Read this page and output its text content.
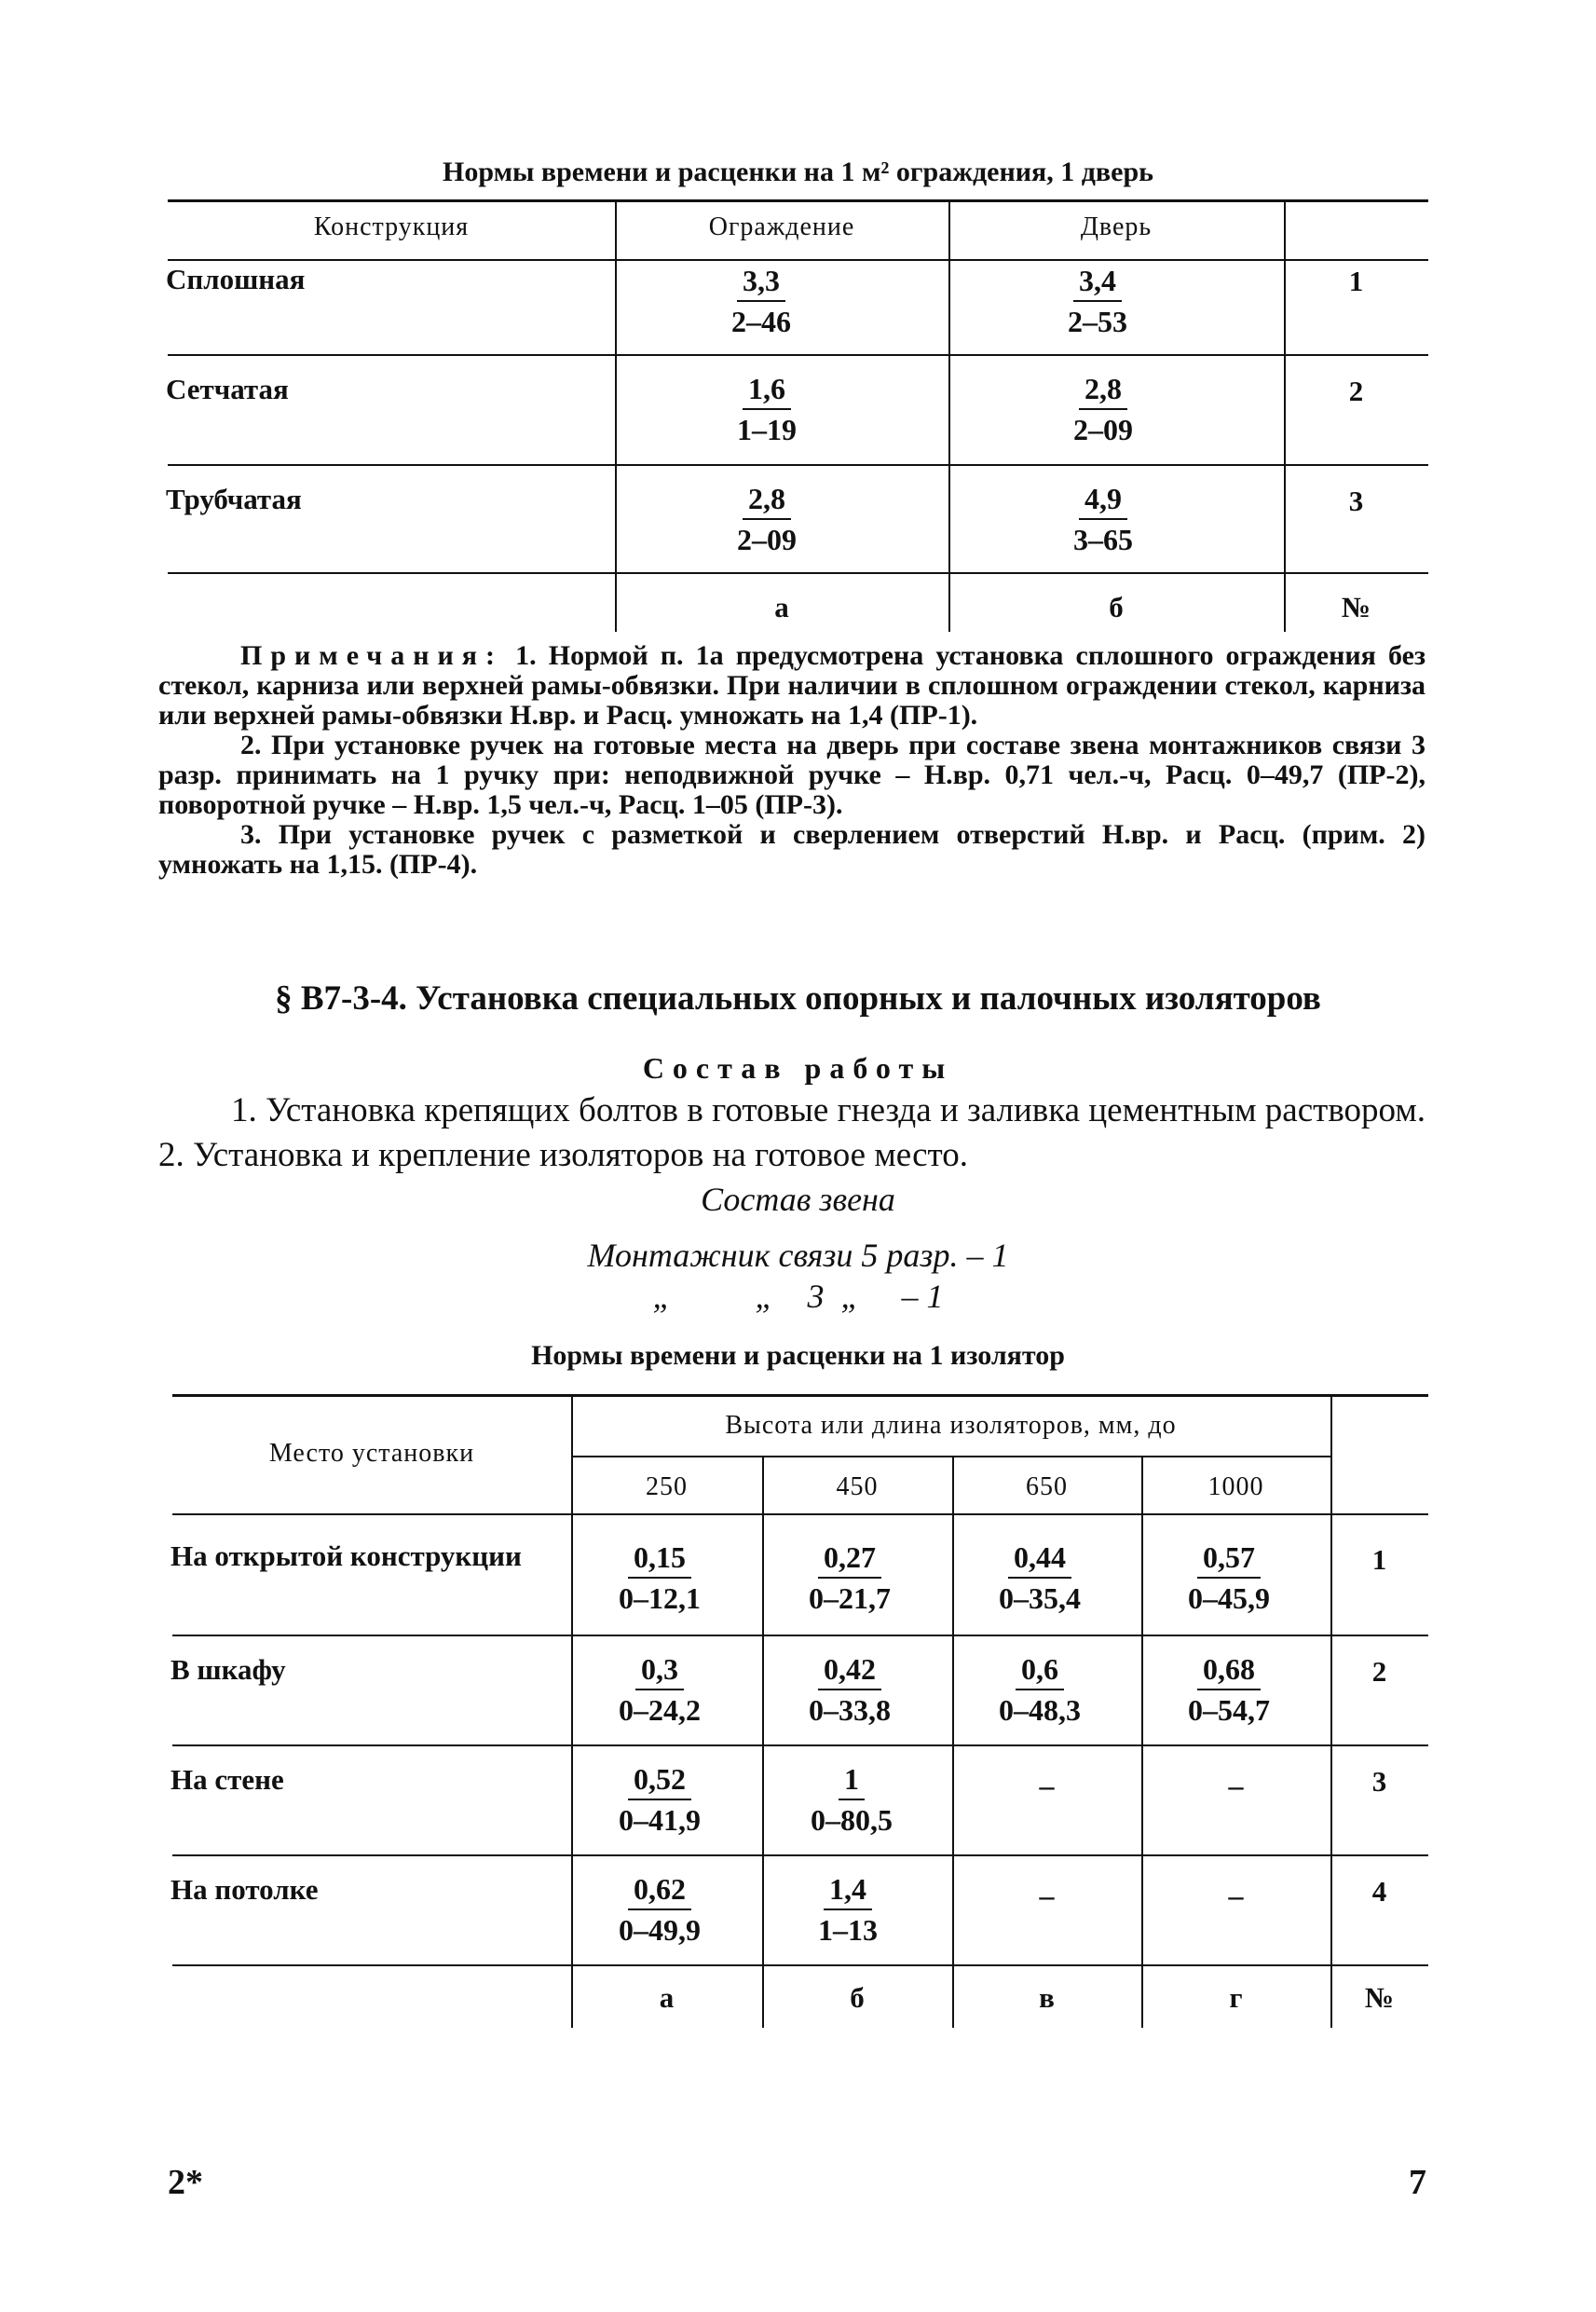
Нормы времени и расценки на 1 м² ограждения, 1 дверь
Конструкция	Ограждение	Дверь
Сплошная	$\frac{3,3}{2-46}$	$\frac{3,4}{2-53}$	1
Сетчатая	$\frac{1,6}{1-19}$	$\frac{2,8}{2-09}$	2
Трубчатая	$\frac{2,8}{2-09}$	$\frac{4,9}{3-65}$	3
а	б	№

Примечания: 1. Нормой п. 1а предусмотрена установка сплошного ограждения без стекол, карниза или верхней рамы-обвязки. При наличии в сплошном ограждении стекол, карниза или верхней рамы-обвязки Н.вр. и Расц. умножать на 1,4 (ПР-1).

2. При установке ручек на готовые места на дверь при составе звена монтажников связи 3 разр. принимать на 1 ручку при: неподвижной ручке – Н.вр. 0,71 чел.-ч, Расц. 0–49,7 (ПР-2), поворотной ручке – Н.вр. 1,5 чел.-ч, Расц. 1–05 (ПР-3).

3. При установке ручек с разметкой и сверлением отверстий Н.вр. и Расц. (прим. 2) умножать на 1,15. (ПР-4).

§ В7-3-4. Установка специальных опорных и палочных изоляторов
Состав работы
1. Установка крепящих болтов в готовые гнезда и заливка цементным раствором. 2. Установка и крепление изоляторов на готовое место.
Состав звена
Монтажник связи 5 разр. – 1
„          „    3  „     – 1
Нормы времени и расценки на 1 изолятор
Место установки
Высота или длина изоляторов, мм, до
250	450	650	1000
На открытой конструкции	$\frac{0,15}{0-12,1}$	$\frac{0,27}{0-21,7}$	$\frac{0,44}{0-35,4}$	$\frac{0,57}{0-45,9}$	1
В шкафу	$\frac{0,3}{0-24,2}$	$\frac{0,42}{0-33,8}$	$\frac{0,6}{0-48,3}$	$\frac{0,68}{0-54,7}$	2
На стене	$\frac{0,52}{0-41,9}$	$\frac{1}{0-80,5}$	–	–	3
На потолке	$\frac{0,62}{0-49,9}$	$\frac{1,4}{1-13}$	–	–	4
а	б	в	г	№
2*	7
